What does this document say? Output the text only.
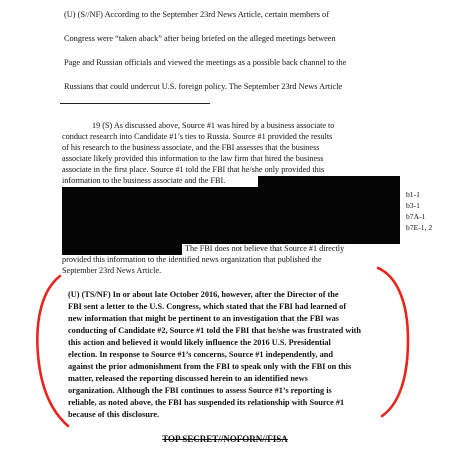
(U) (S//NF) According to the September 23rd News Article, certain members of
Congress were “taken aback” after being briefed on the alleged meetings between
Page and Russian officials and viewed the meetings as a possible back channel to the
Russians that could undercut U.S. foreign policy. The September 23rd News Article
19 (S) As discussed above, Source #1 was hired by a business associate to
conduct research into Candidate #1’s ties to Russia. Source #1 provided the results
of his research to the business associate, and the FBI assesses that the business
associate likely provided this information to the law firm that hired the business
associate in the first place. Source #1 told the FBI that he/she only provided this
information to the business associate and the FBI.
The FBI does not believe that Source #1 directly
provided this information to the identified news organization that published the
September 23rd News Article.
b1-1
b3-1
b7A-1
b7E-1, 2
(U) (TS/NF) In or about late October 2016, however, after the Director of the
FBI sent a letter to the U.S. Congress, which stated that the FBI had learned of
new information that might be pertinent to an investigation that the FBI was
conducting of Candidate #2, Source #1 told the FBI that he/she was frustrated with
this action and believed it would likely influence the 2016 U.S. Presidential
election. In response to Source #1’s concerns, Source #1 independently, and
against the prior admonishment from the FBI to speak only with the FBI on this
matter, released the reporting discussed herein to an identified news
organization. Although the FBI continues to assess Source #1’s reporting is
reliable, as noted above, the FBI has suspended its relationship with Source #1
because of this disclosure.
TOP SECRET//NOFORN//FISA
